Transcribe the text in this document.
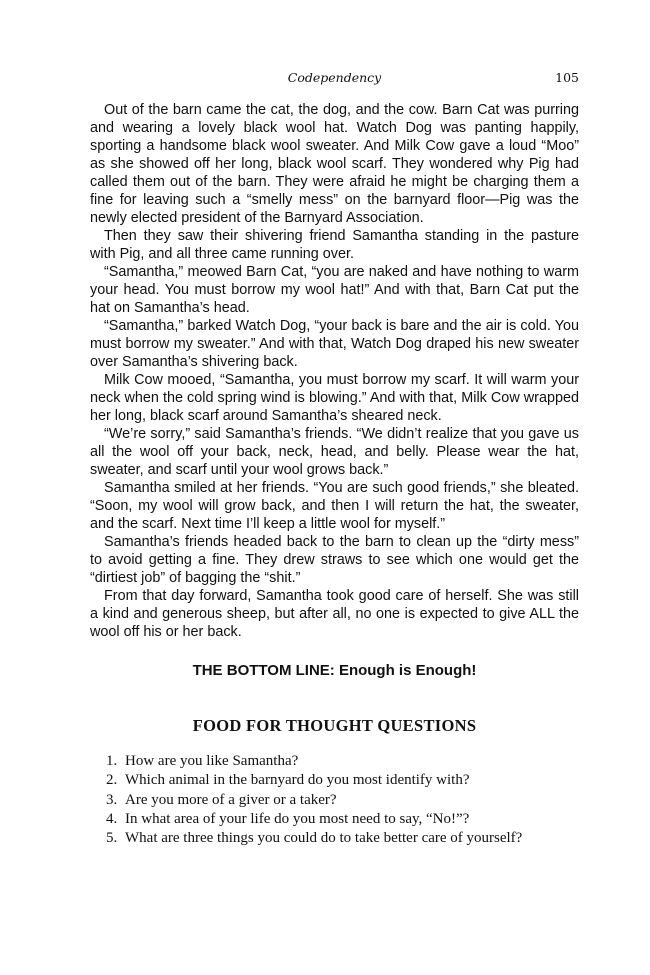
Codependency	105

Out of the barn came the cat, the dog, and the cow. Barn Cat was purring and wearing a lovely black wool hat. Watch Dog was panting happily, sporting a handsome black wool sweater. And Milk Cow gave a loud “Moo” as she showed off her long, black wool scarf. They wondered why Pig had called them out of the barn. They were afraid he might be charging them a fine for leaving such a “smelly mess” on the barnyard floor—Pig was the newly elected president of the Barnyard Association.

Then they saw their shivering friend Samantha standing in the pasture with Pig, and all three came running over.

“Samantha,” meowed Barn Cat, “you are naked and have nothing to warm your head. You must borrow my wool hat!” And with that, Barn Cat put the hat on Samantha’s head.

“Samantha,” barked Watch Dog, “your back is bare and the air is cold. You must borrow my sweater.” And with that, Watch Dog draped his new sweater over Samantha’s shivering back.

Milk Cow mooed, “Samantha, you must borrow my scarf. It will warm your neck when the cold spring wind is blowing.” And with that, Milk Cow wrapped her long, black scarf around Samantha’s sheared neck.

“We’re sorry,” said Samantha’s friends. “We didn’t realize that you gave us all the wool off your back, neck, head, and belly. Please wear the hat, sweater, and scarf until your wool grows back.”

Samantha smiled at her friends. “You are such good friends,” she bleated. “Soon, my wool will grow back, and then I will return the hat, the sweater, and the scarf. Next time I’ll keep a little wool for myself.”

Samantha’s friends headed back to the barn to clean up the “dirty mess” to avoid getting a fine. They drew straws to see which one would get the “dirtiest job” of bagging the “shit.”

From that day forward, Samantha took good care of herself. She was still a kind and generous sheep, but after all, no one is expected to give ALL the wool off his or her back.

THE BOTTOM LINE: Enough is Enough!
FOOD FOR THOUGHT QUESTIONS
1. How are you like Samantha?
2. Which animal in the barnyard do you most identify with?
3. Are you more of a giver or a taker?
4. In what area of your life do you most need to say, “No!”?
5. What are three things you could do to take better care of yourself?
